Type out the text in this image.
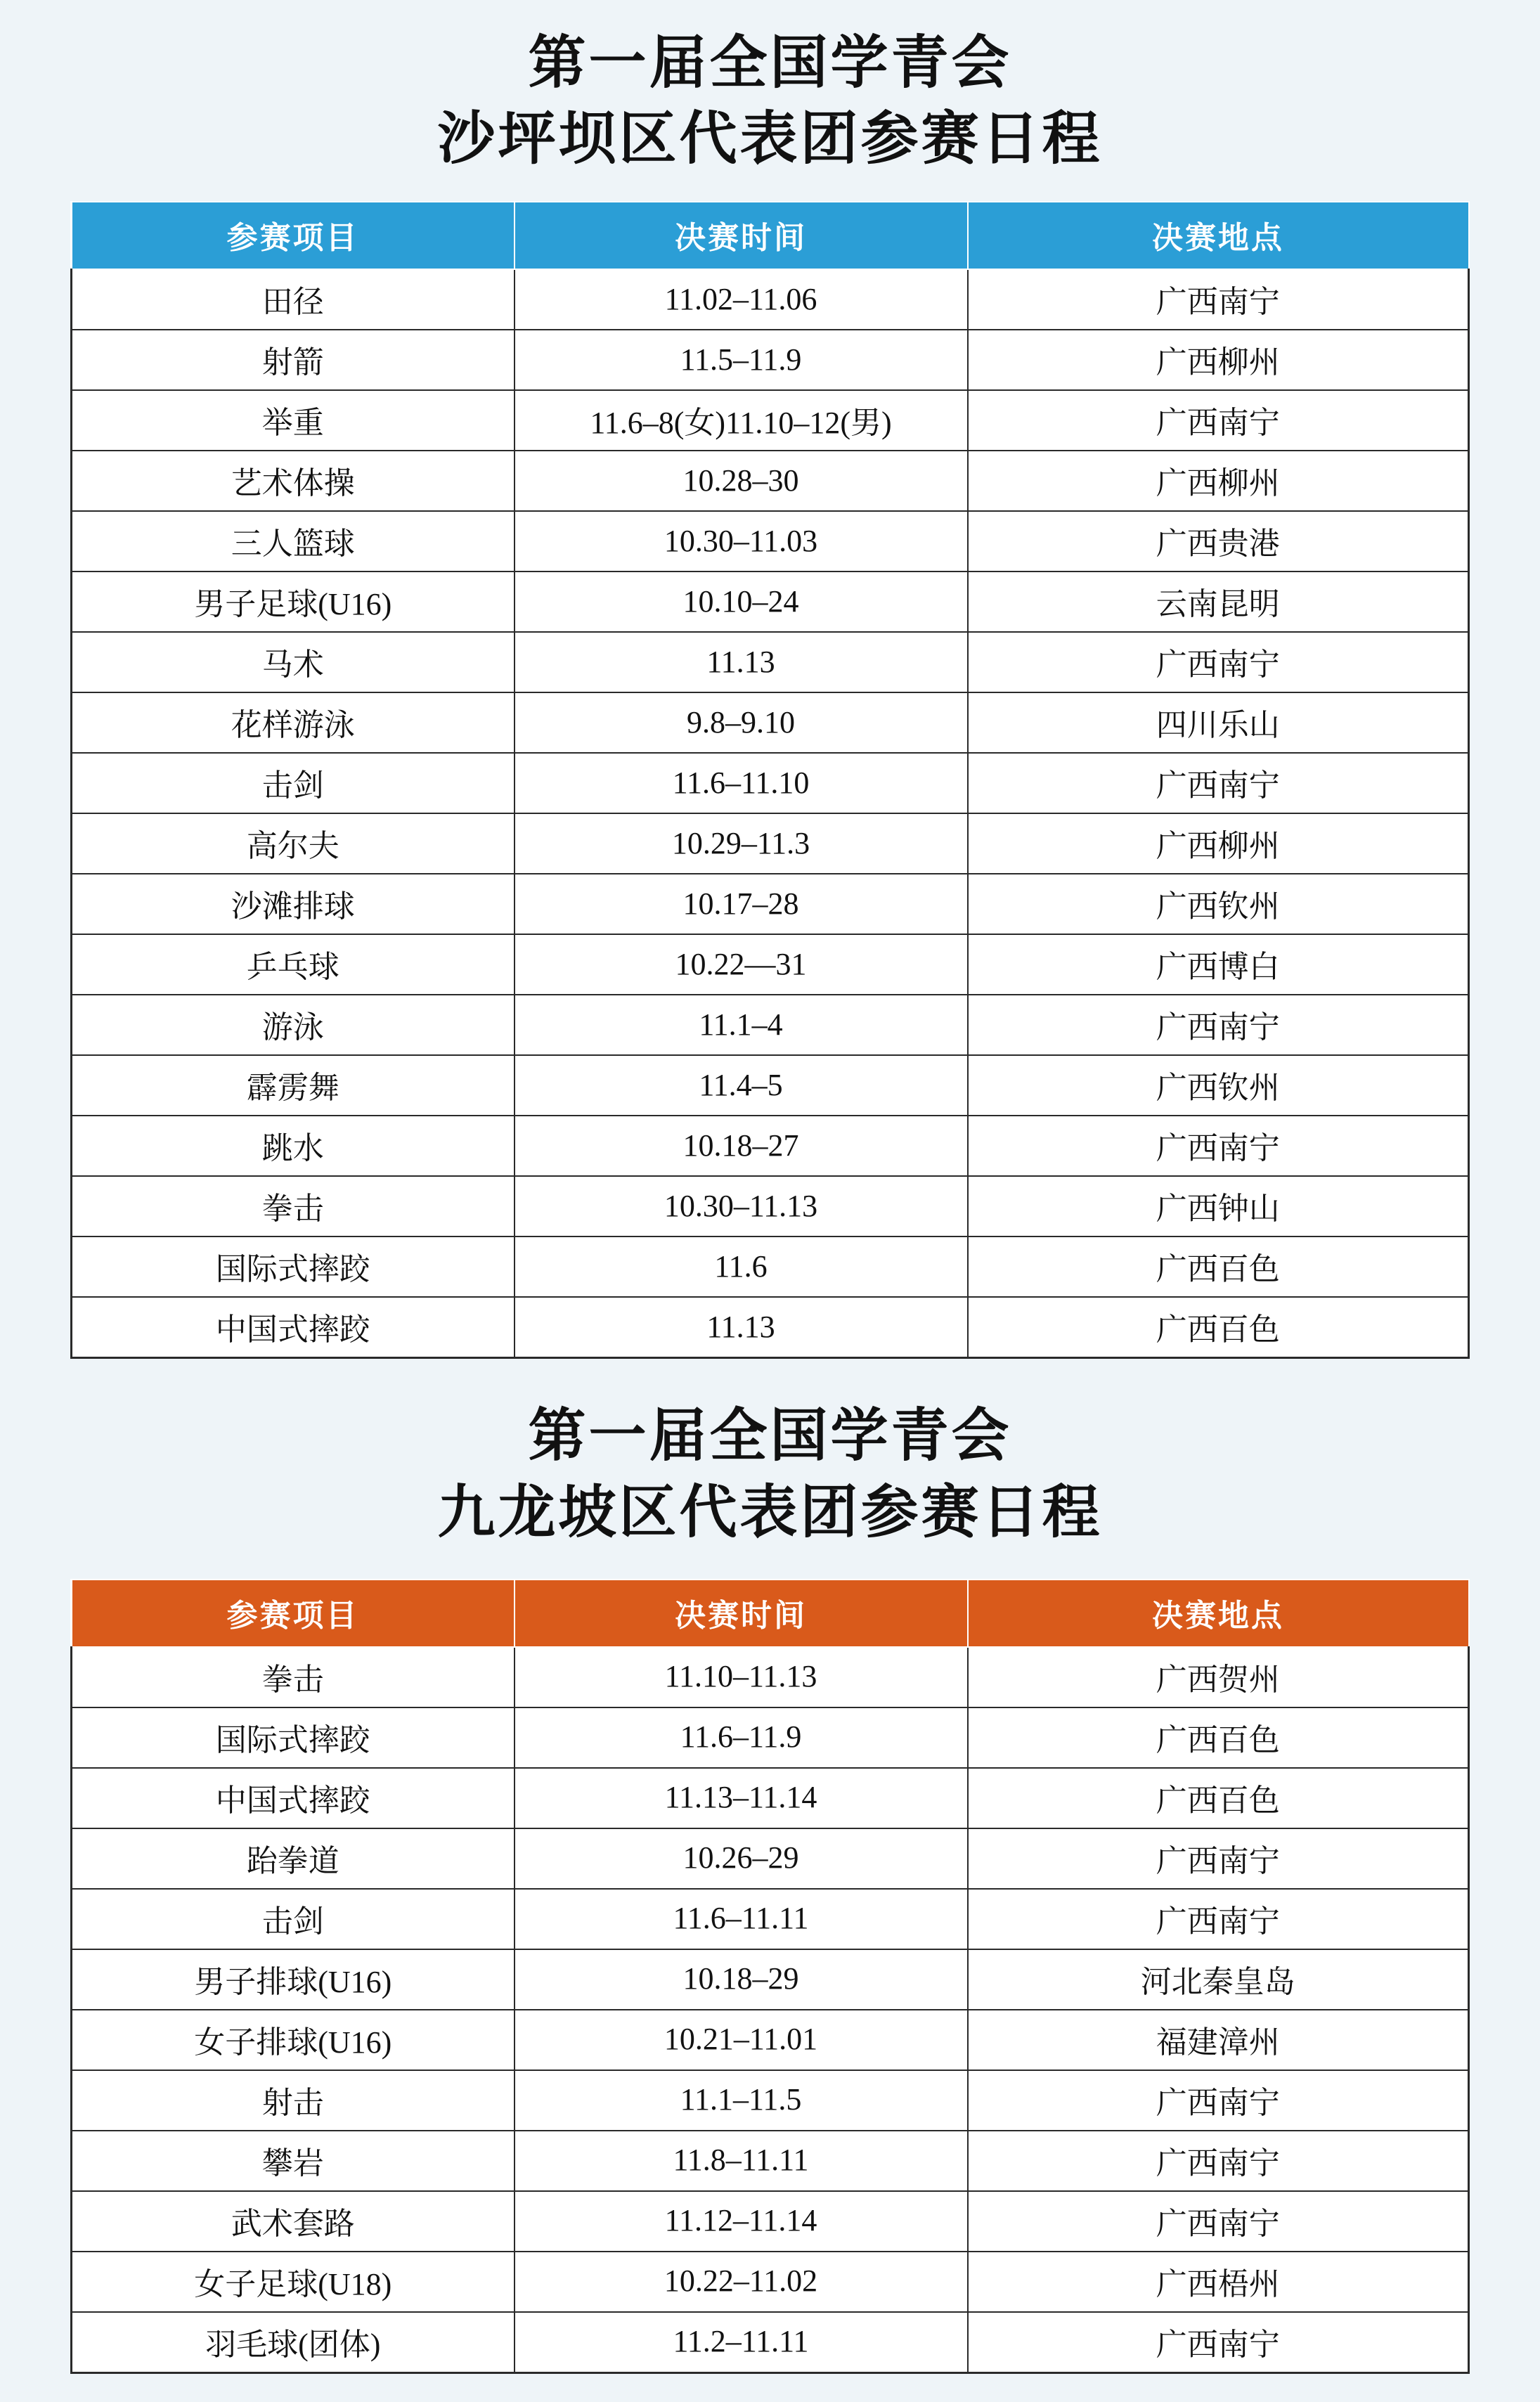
第一届全国学青会
沙坪坝区代表团参赛日程
参赛项目	决赛时间	决赛地点
田径	11.02–11.06	广西南宁
射箭	11.5–11.9	广西柳州
举重	11.6–8(女)11.10–12(男)	广西南宁
艺术体操	10.28–30	广西柳州
三人篮球	10.30–11.03	广西贵港
男子足球(U16)	10.10–24	云南昆明
马术	11.13	广西南宁
花样游泳	9.8–9.10	四川乐山
击剑	11.6–11.10	广西南宁
高尔夫	10.29–11.3	广西柳州
沙滩排球	10.17–28	广西钦州
乒乓球	10.22—31	广西博白
游泳	11.1–4	广西南宁
霹雳舞	11.4–5	广西钦州
跳水	10.18–27	广西南宁
拳击	10.30–11.13	广西钟山
国际式摔跤	11.6	广西百色
中国式摔跤	11.13	广西百色
第一届全国学青会
九龙坡区代表团参赛日程
参赛项目	决赛时间	决赛地点
拳击	11.10–11.13	广西贺州
国际式摔跤	11.6–11.9	广西百色
中国式摔跤	11.13–11.14	广西百色
跆拳道	10.26–29	广西南宁
击剑	11.6–11.11	广西南宁
男子排球(U16)	10.18–29	河北秦皇岛
女子排球(U16)	10.21–11.01	福建漳州
射击	11.1–11.5	广西南宁
攀岩	11.8–11.11	广西南宁
武术套路	11.12–11.14	广西南宁
女子足球(U18)	10.22–11.02	广西梧州
羽毛球(团体)	11.2–11.11	广西南宁
